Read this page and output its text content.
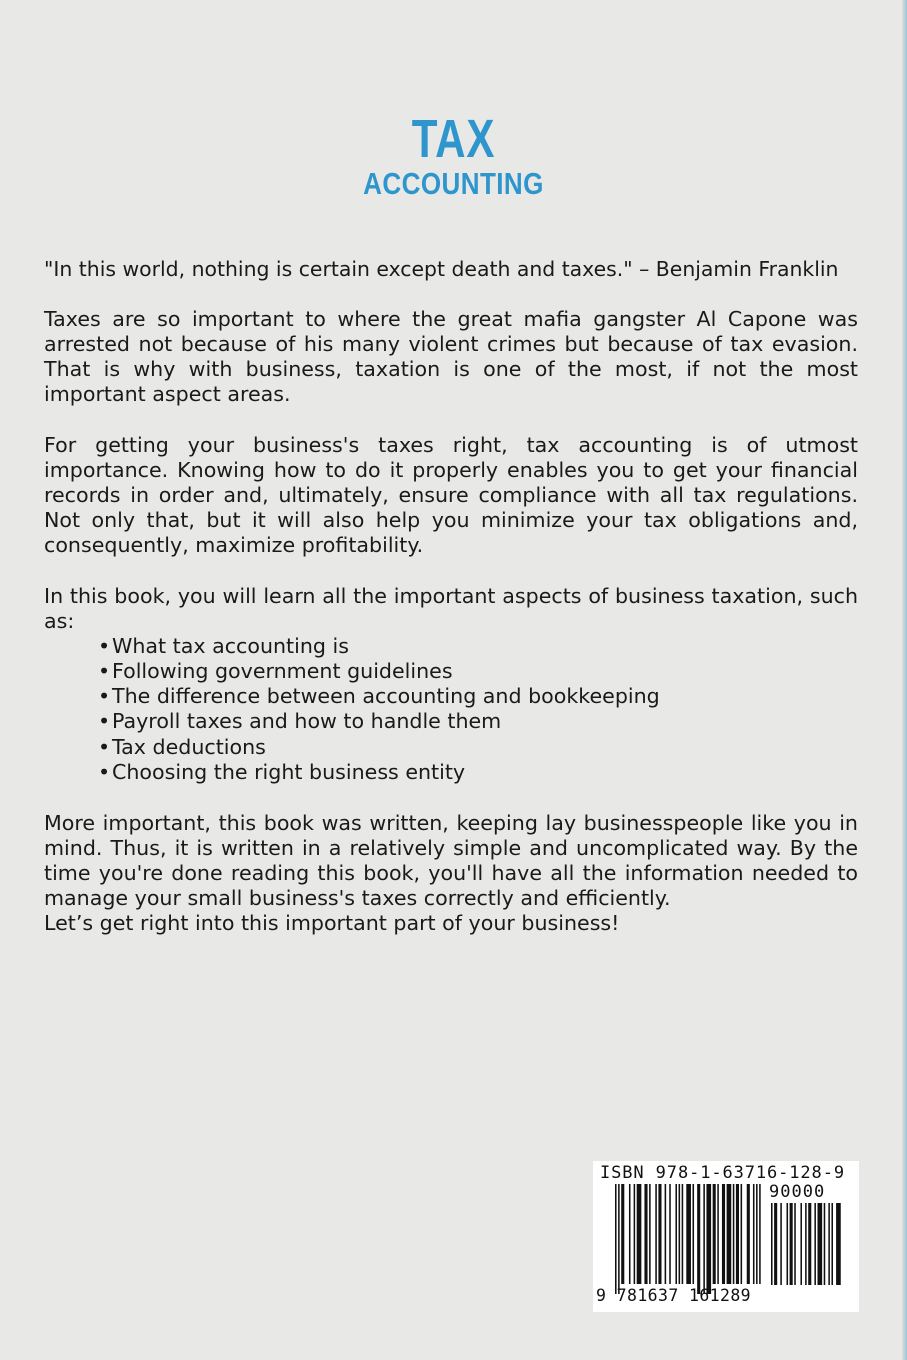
TAX
ACCOUNTING
"In this world, nothing is certain except death and taxes." – Benjamin Franklin
Taxes are so important to where the great mafia gangster Al Capone was arrested not because of his many violent crimes but because of tax evasion. That is why with business, taxation is one of the most, if not the most important aspect areas.
For getting your business's taxes right, tax accounting is of utmost importance. Knowing how to do it properly enables you to get your financial records in order and, ultimately, ensure compliance with all tax regulations. Not only that, but it will also help you minimize your tax obligations and, consequently, maximize profitability.
In this book, you will learn all the important aspects of business taxation, such as:
•What tax accounting is
•Following government guidelines
•The difference between accounting and bookkeeping
•Payroll taxes and how to handle them
•Tax deductions
•Choosing the right business entity
More important, this book was written, keeping lay businesspeople like you in mind. Thus, it is written in a relatively simple and uncomplicated way. By the time you're done reading this book, you'll have all the information needed to manage your small business's taxes correctly and efficiently.
Let’s get right into this important part of your business!
ISBN 978-1-63716-128-9
90000
9 781637 161289
